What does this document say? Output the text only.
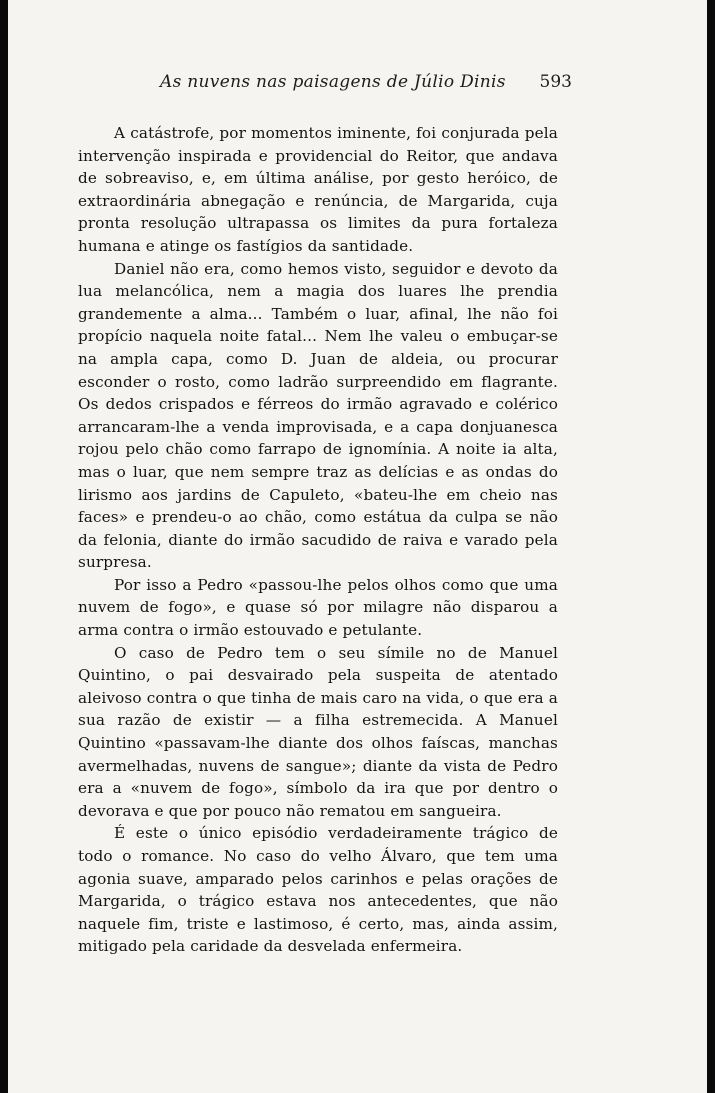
As nuvens nas paisagens de Júlio Dinis 593

A catástrofe, por momentos iminente, foi conjurada pela intervenção inspirada e providencial do Reitor, que andava de sobreaviso, e, em última análise, por gesto heróico, de extraordinária abnegação e renúncia, de Margarida, cuja pronta resolução ultrapassa os limites da pura fortaleza humana e atinge os fastígios da santidade.

Daniel não era, como hemos visto, seguidor e devoto da lua melancólica, nem a magia dos luares lhe prendia grandemente a alma... Também o luar, afinal, lhe não foi propício naquela noite fatal... Nem lhe valeu o embuçar-se na ampla capa, como D. Juan de aldeia, ou procurar esconder o rosto, como ladrão surpreendido em flagrante. Os dedos crispados e férreos do irmão agravado e colérico arrancaram-lhe a venda improvisada, e a capa donjuanesca rojou pelo chão como farrapo de ignomínia. A noite ia alta, mas o luar, que nem sempre traz as delícias e as ondas do lirismo aos jardins de Capuleto, «bateu-lhe em cheio nas faces» e prendeu-o ao chão, como estátua da culpa se não da felonia, diante do irmão sacudido de raiva e varado pela surpresa.

Por isso a Pedro «passou-lhe pelos olhos como que uma nuvem de fogo», e quase só por milagre não disparou a arma contra o irmão estouvado e petulante.

O caso de Pedro tem o seu símile no de Manuel Quintino, o pai desvairado pela suspeita de atentado aleivoso contra o que tinha de mais caro na vida, o que era a sua razão de existir — a filha estremecida. A Manuel Quintino «passavam-lhe diante dos olhos faíscas, manchas avermelhadas, nuvens de sangue»; diante da vista de Pedro era a «nuvem de fogo», símbolo da ira que por dentro o devorava e que por pouco não rematou em sangueira.

É este o único episódio verdadeiramente trágico de todo o romance. No caso do velho Álvaro, que tem uma agonia suave, amparado pelos carinhos e pelas orações de Margarida, o trágico estava nos antecedentes, que não naquele fim, triste e lastimoso, é certo, mas, ainda assim, mitigado pela caridade da desvelada enfermeira.
